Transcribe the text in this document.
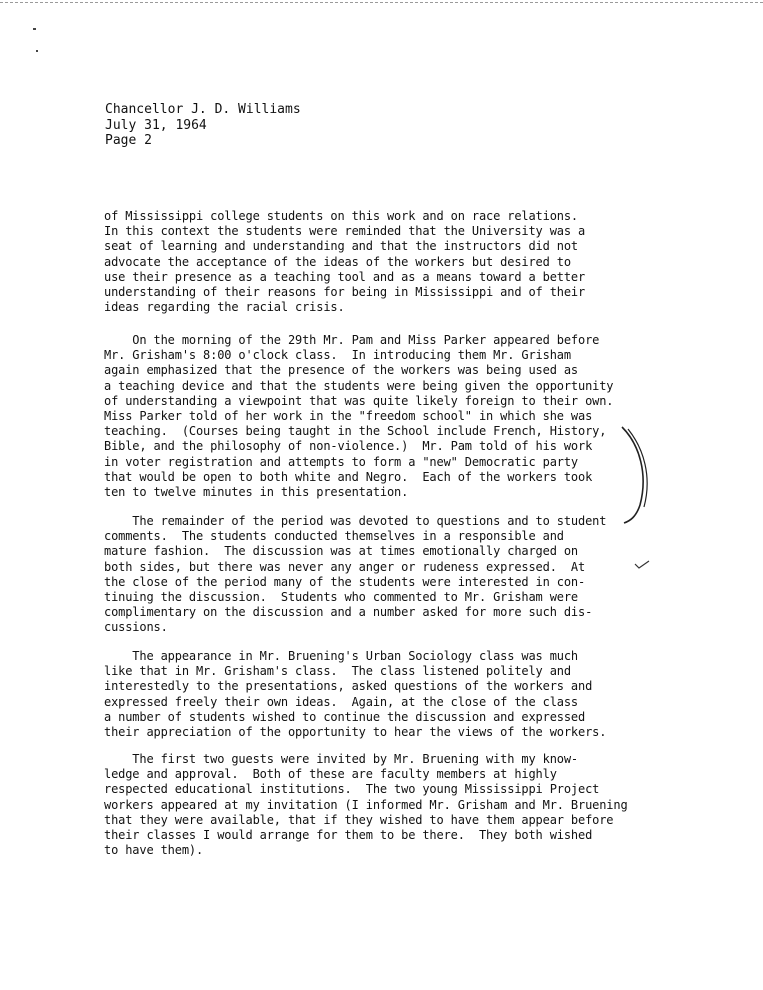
Chancellor J. D. Williams
July 31, 1964
Page 2

of Mississippi college students on this work and on race relations.
In this context the students were reminded that the University was a
seat of learning and understanding and that the instructors did not
advocate the acceptance of the ideas of the workers but desired to
use their presence as a teaching tool and as a means toward a better
understanding of their reasons for being in Mississippi and of their
ideas regarding the racial crisis.

On the morning of the 29th Mr. Pam and Miss Parker appeared before
Mr. Grisham's 8:00 o'clock class.  In introducing them Mr. Grisham
again emphasized that the presence of the workers was being used as
a teaching device and that the students were being given the opportunity
of understanding a viewpoint that was quite likely foreign to their own.
Miss Parker told of her work in the "freedom school" in which she was
teaching.  (Courses being taught in the School include French, History,
Bible, and the philosophy of non-violence.)  Mr. Pam told of his work
in voter registration and attempts to form a "new" Democratic party
that would be open to both white and Negro.  Each of the workers took
ten to twelve minutes in this presentation.

The remainder of the period was devoted to questions and to student
comments.  The students conducted themselves in a responsible and
mature fashion.  The discussion was at times emotionally charged on
both sides, but there was never any anger or rudeness expressed.  At
the close of the period many of the students were interested in con-
tinuing the discussion.  Students who commented to Mr. Grisham were
complimentary on the discussion and a number asked for more such dis-
cussions.

The appearance in Mr. Bruening's Urban Sociology class was much
like that in Mr. Grisham's class.  The class listened politely and
interestedly to the presentations, asked questions of the workers and
expressed freely their own ideas.  Again, at the close of the class
a number of students wished to continue the discussion and expressed
their appreciation of the opportunity to hear the views of the workers.

The first two guests were invited by Mr. Bruening with my know-
ledge and approval.  Both of these are faculty members at highly
respected educational institutions.  The two young Mississippi Project
workers appeared at my invitation (I informed Mr. Grisham and Mr. Bruening
that they were available, that if they wished to have them appear before
their classes I would arrange for them to be there.  They both wished
to have them).
